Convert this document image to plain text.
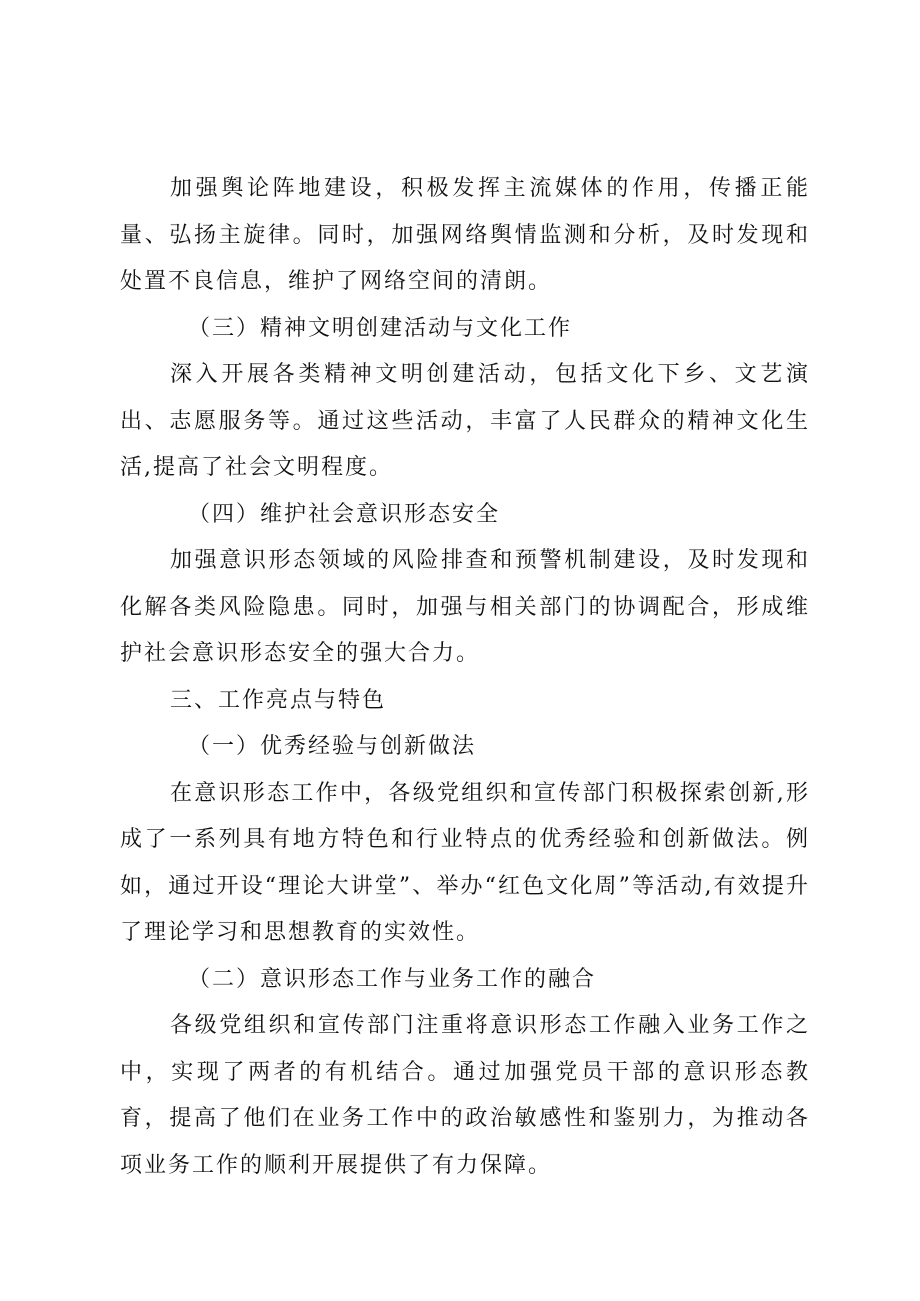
加强舆论阵地建设，积极发挥主流媒体的作用，传播正能量、弘扬主旋律。同时，加强网络舆情监测和分析，及时发现和处置不良信息，维护了网络空间的清朗。

（三）精神文明创建活动与文化工作

深入开展各类精神文明创建活动，包括文化下乡、文艺演出、志愿服务等。通过这些活动，丰富了人民群众的精神文化生活,提高了社会文明程度。

（四）维护社会意识形态安全

加强意识形态领域的风险排查和预警机制建设，及时发现和化解各类风险隐患。同时，加强与相关部门的协调配合，形成维护社会意识形态安全的强大合力。

三、工作亮点与特色

（一）优秀经验与创新做法

在意识形态工作中，各级党组织和宣传部门积极探索创新,形成了一系列具有地方特色和行业特点的优秀经验和创新做法。例如，通过开设“理论大讲堂”、举办“红色文化周”等活动,有效提升了理论学习和思想教育的实效性。

（二）意识形态工作与业务工作的融合

各级党组织和宣传部门注重将意识形态工作融入业务工作之中，实现了两者的有机结合。通过加强党员干部的意识形态教育，提高了他们在业务工作中的政治敏感性和鉴别力，为推动各项业务工作的顺利开展提供了有力保障。
